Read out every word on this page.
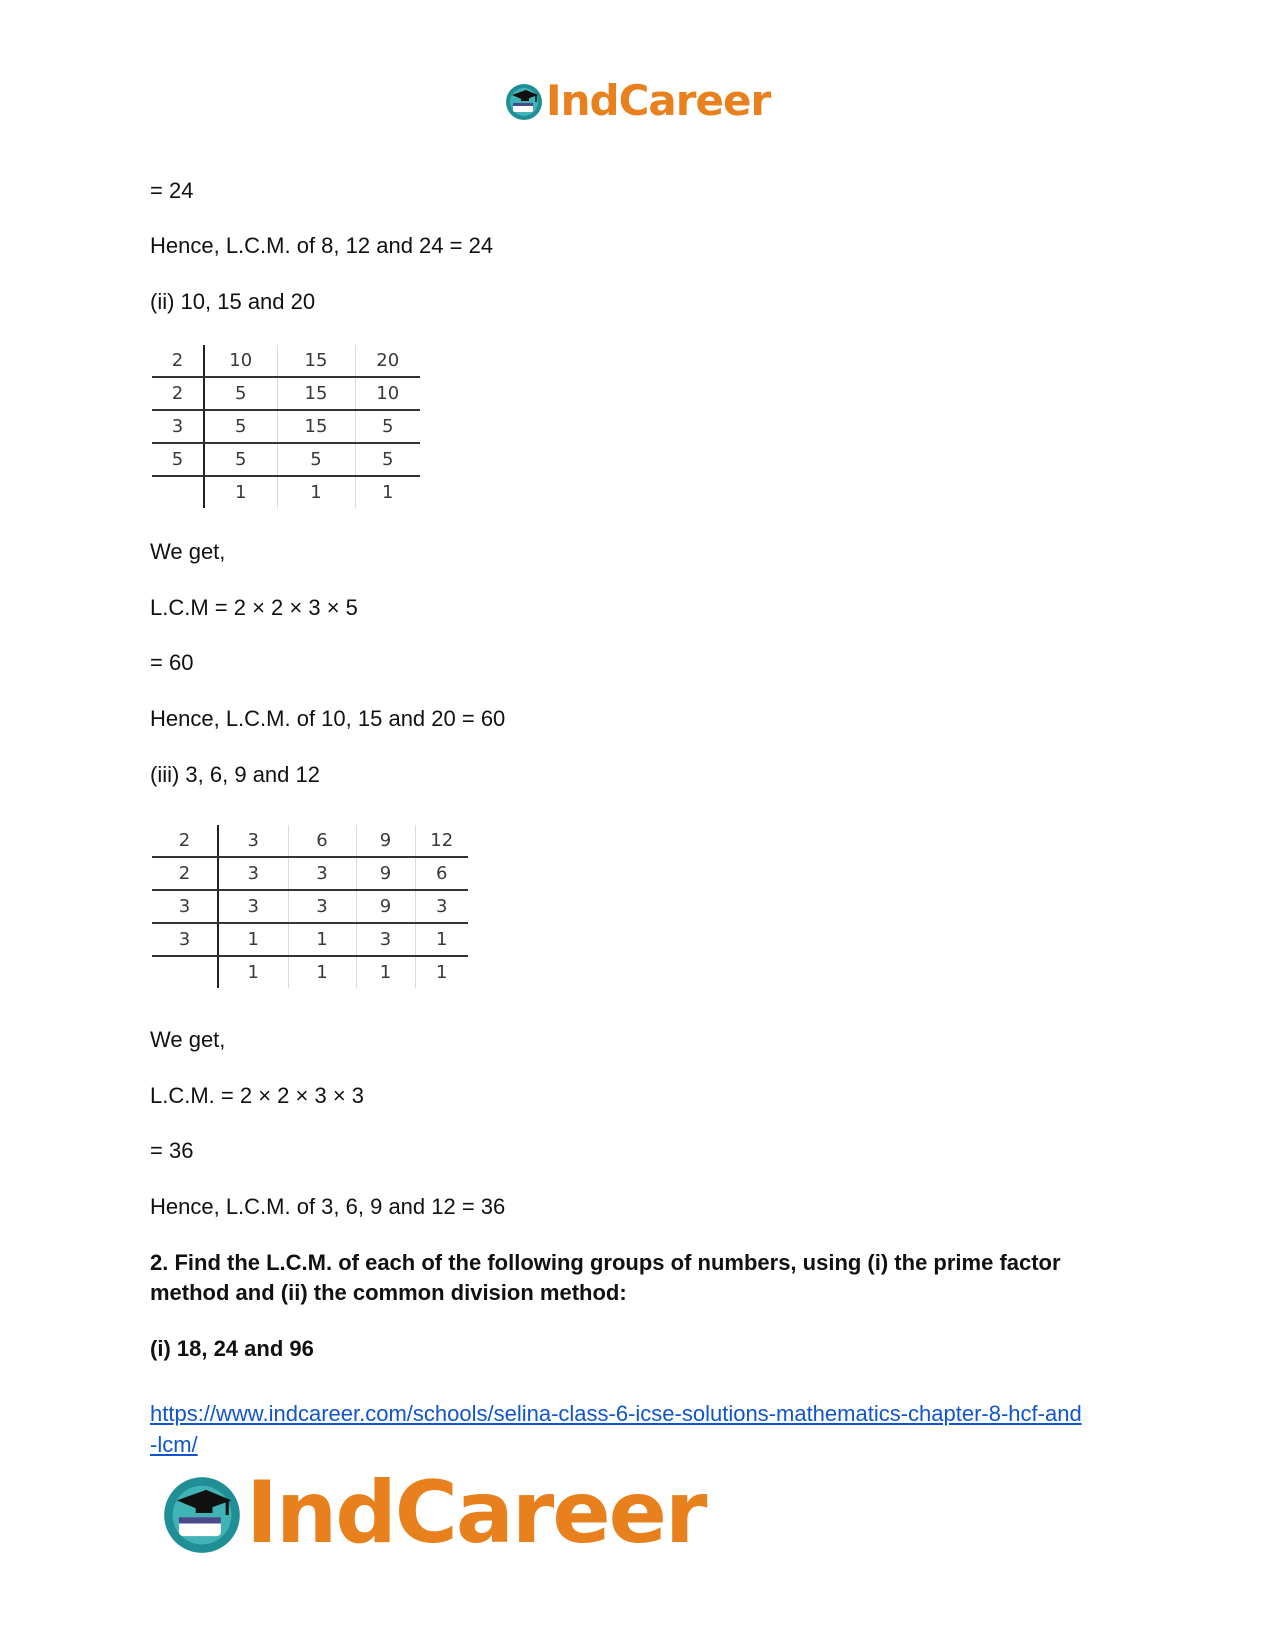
IndCareer
= 24
Hence, L.C.M. of 8, 12 and 24 = 24
(ii) 10, 15 and 20
2	10	15	20
2	5	15	10
3	5	15	5
5	5	5	5
	1	1	1
We get,
L.C.M = 2 × 2 × 3 × 5
= 60
Hence, L.C.M. of 10, 15 and 20 = 60
(iii) 3, 6, 9 and 12
2	3	6	9	12
2	3	3	9	6
3	3	3	9	3
3	1	1	3	1
	1	1	1	1
We get,
L.C.M. = 2 × 2 × 3 × 3
= 36
Hence, L.C.M. of 3, 6, 9 and 12 = 36
2. Find the L.C.M. of each of the following groups of numbers, using (i) the prime factor
method and (ii) the common division method:
(i) 18, 24 and 96
https://www.indcareer.com/schools/selina-class-6-icse-solutions-mathematics-chapter-8-hcf-and
-lcm/
IndCareer
